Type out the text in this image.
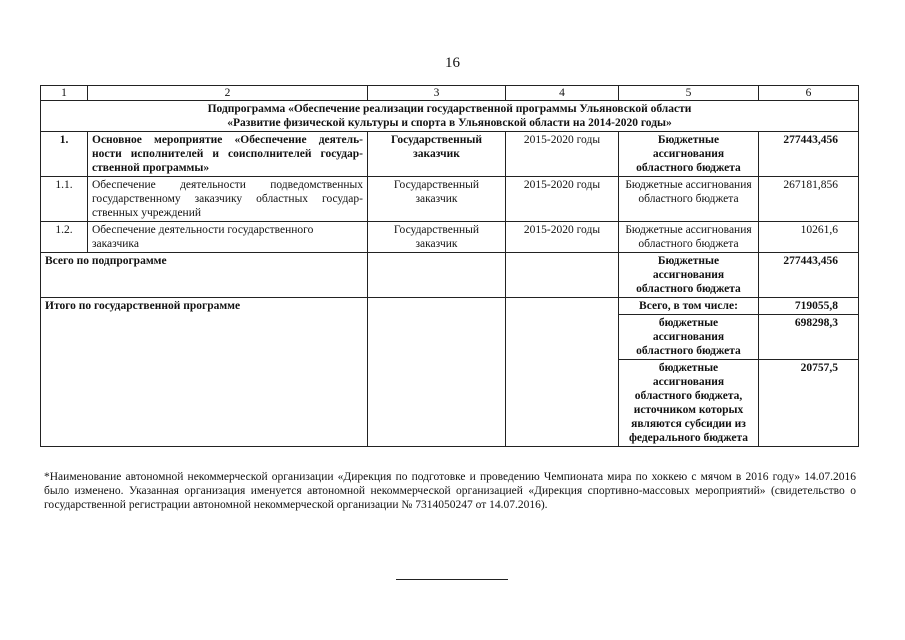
16
1	2	3	4	5	6

Подпрограмма «Обеспечение реализации государственной программы Ульяновской области
«Развитие физической культуры и спорта в Ульяновской области на 2014-2020 годы»					

1.	Основное мероприятие «Обеспечение деятель-ности исполнителей и соисполнителей государ-ственной программы»	Государственный заказчик	2015-2020 годы	Бюджетные ассигнования областного бюджета	277443,456
1.1.	Обеспечение деятельности подведомственных государственному заказчику областных государ-ственных учреждений	Государственный заказчик	2015-2020 годы	Бюджетные ассигнования областного бюджета	267181,856
1.2.	Обеспечение деятельности государственного заказчика	Государственный заказчик	2015-2020 годы	Бюджетные ассигнования областного бюджета	10261,6
Всего по подпрограмме				Бюджетные ассигнования областного бюджета	277443,456
Итого по государственной программе				Всего, в том числе:	719055,8
				бюджетные ассигнования областного бюджета	698298,3
				бюджетные ассигнования областного бюджета, источником которых являются субсидии из федерального бюджета	20757,5

*Наименование автономной некоммерческой организации «Дирекция по подготовке и проведению Чемпионата мира по хоккею с мячом в 2016 году» 14.07.2016 было изменено. Указанная организация именуется автономной некоммерческой организацией «Дирекция спортивно-массовых мероприятий» (свидетельство о государственной регистрации автономной некоммерческой организации № 7314050247 от 14.07.2016).
